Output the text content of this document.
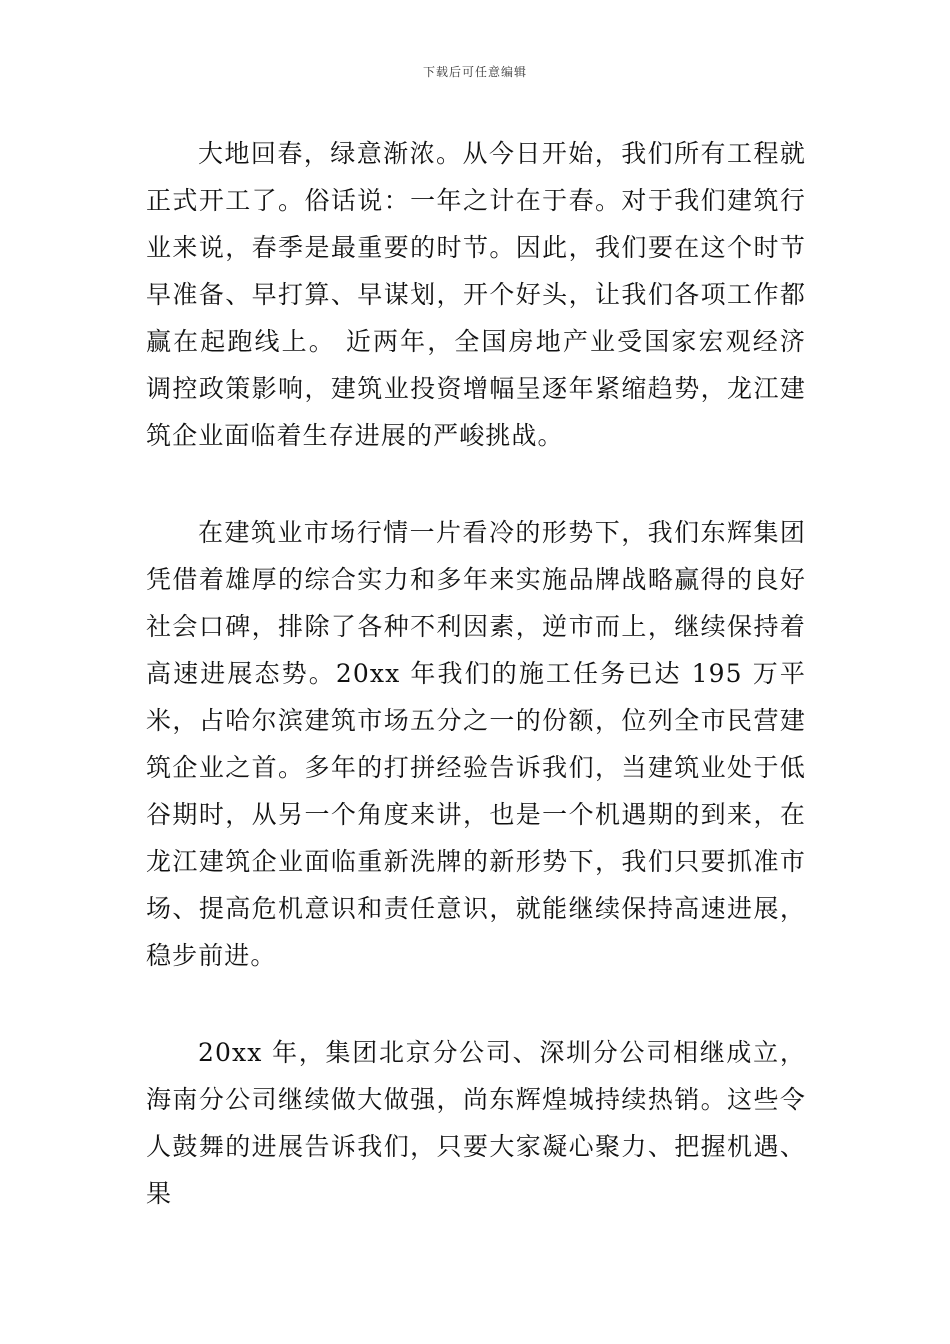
下载后可任意编辑

大地回春，绿意渐浓。从今日开始，我们所有工程就正式开工了。俗话说：一年之计在于春。对于我们建筑行业来说，春季是最重要的时节。因此，我们要在这个时节早准备、早打算、早谋划，开个好头，让我们各项工作都赢在起跑线上。 近两年，全国房地产业受国家宏观经济调控政策影响，建筑业投资增幅呈逐年紧缩趋势，龙江建筑企业面临着生存进展的严峻挑战。

在建筑业市场行情一片看冷的形势下，我们东辉集团凭借着雄厚的综合实力和多年来实施品牌战略赢得的良好社会口碑，排除了各种不利因素，逆市而上，继续保持着高速进展态势。20xx 年我们的施工任务已达 195 万平米，占哈尔滨建筑市场五分之一的份额，位列全市民营建筑企业之首。多年的打拼经验告诉我们，当建筑业处于低谷期时，从另一个角度来讲，也是一个机遇期的到来，在龙江建筑企业面临重新洗牌的新形势下，我们只要抓准市场、提高危机意识和责任意识，就能继续保持高速进展，稳步前进。

20xx 年，集团北京分公司、深圳分公司相继成立，海南分公司继续做大做强，尚东辉煌城持续热销。这些令人鼓舞的进展告诉我们，只要大家凝心聚力、把握机遇、果
